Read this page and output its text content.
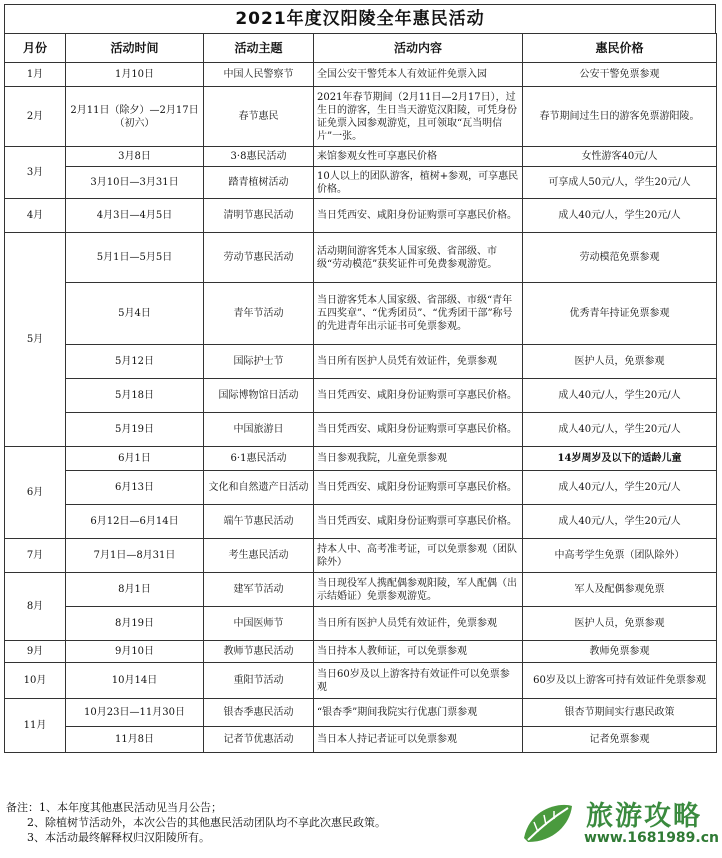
2021年度汉阳陵全年惠民活动
月份	活动时间	活动主题	活动内容	惠民价格
1月	1月10日	中国人民警察节	全国公安干警凭本人有效证件免票入园	公安干警免票参观
2月	2月11日（除夕）—2月17日（初六）	春节惠民	2021年春节期间（2月11日—2月17日），过生日的游客，生日当天游览汉阳陵，可凭身份证免票入园参观游览，且可领取“瓦当明信片”一张。	春节期间过生日的游客免票游阳陵。
3月	3月8日	3·8惠民活动	来馆参观女性可享惠民价格	女性游客40元/人
	3月10日—3月31日	踏青植树活动	10人以上的团队游客，植树+参观，可享惠民价格。	可享成人50元/人，学生20元/人
4月	4月3日—4月5日	清明节惠民活动	当日凭西安、咸阳身份证购票可享惠民价格。	成人40元/人，学生20元/人
5月	5月1日—5月5日	劳动节惠民活动	活动期间游客凭本人国家级、省部级、市级“劳动模范”获奖证件可免费参观游览。	劳动模范免票参观
	5月4日	青年节活动	当日游客凭本人国家级、省部级、市级“青年五四奖章”、“优秀团员”、“优秀团干部”称号的先进青年出示证书可免票参观。	优秀青年持证免票参观
	5月12日	国际护士节	当日所有医护人员凭有效证件，免票参观	医护人员，免票参观
	5月18日	国际博物馆日活动	当日凭西安、咸阳身份证购票可享惠民价格。	成人40元/人，学生20元/人
	5月19日	中国旅游日	当日凭西安、咸阳身份证购票可享惠民价格。	成人40元/人，学生20元/人
6月	6月1日	6·1惠民活动	当日参观我院，儿童免票参观	14岁周岁及以下的适龄儿童
	6月13日	文化和自然遗产日活动	当日凭西安、咸阳身份证购票可享惠民价格。	成人40元/人，学生20元/人
	6月12日—6月14日	端午节惠民活动	当日凭西安、咸阳身份证购票可享惠民价格。	成人40元/人，学生20元/人
7月	7月1日—8月31日	考生惠民活动	持本人中、高考准考证，可以免票参观（团队除外）	中高考学生免票（团队除外）
8月	8月1日	建军节活动	当日现役军人携配偶参观阳陵，军人配偶（出示结婚证）免票参观游览。	军人及配偶参观免票
	8月19日	中国医师节	当日所有医护人员凭有效证件，免票参观	医护人员，免票参观
9月	9月10日	教师节惠民活动	当日持本人教师证，可以免票参观	教师免票参观
10月	10月14日	重阳节活动	当日60岁及以上游客持有效证件可以免票参观	60岁及以上游客可持有效证件免票参观
11月	10月23日—11月30日	银杏季惠民活动	“银杏季”期间我院实行优惠门票参观	银杏节期间实行惠民政策
	11月8日	记者节优惠活动	当日本人持记者证可以免票参观	记者免票参观
备注：1、本年度其他惠民活动见当月公告；
2、除植树节活动外，本次公告的其他惠民活动团队均不享此次惠民政策。
3、本活动最终解释权归汉阳陵所有。
旅游攻略
www.1681989.cn
